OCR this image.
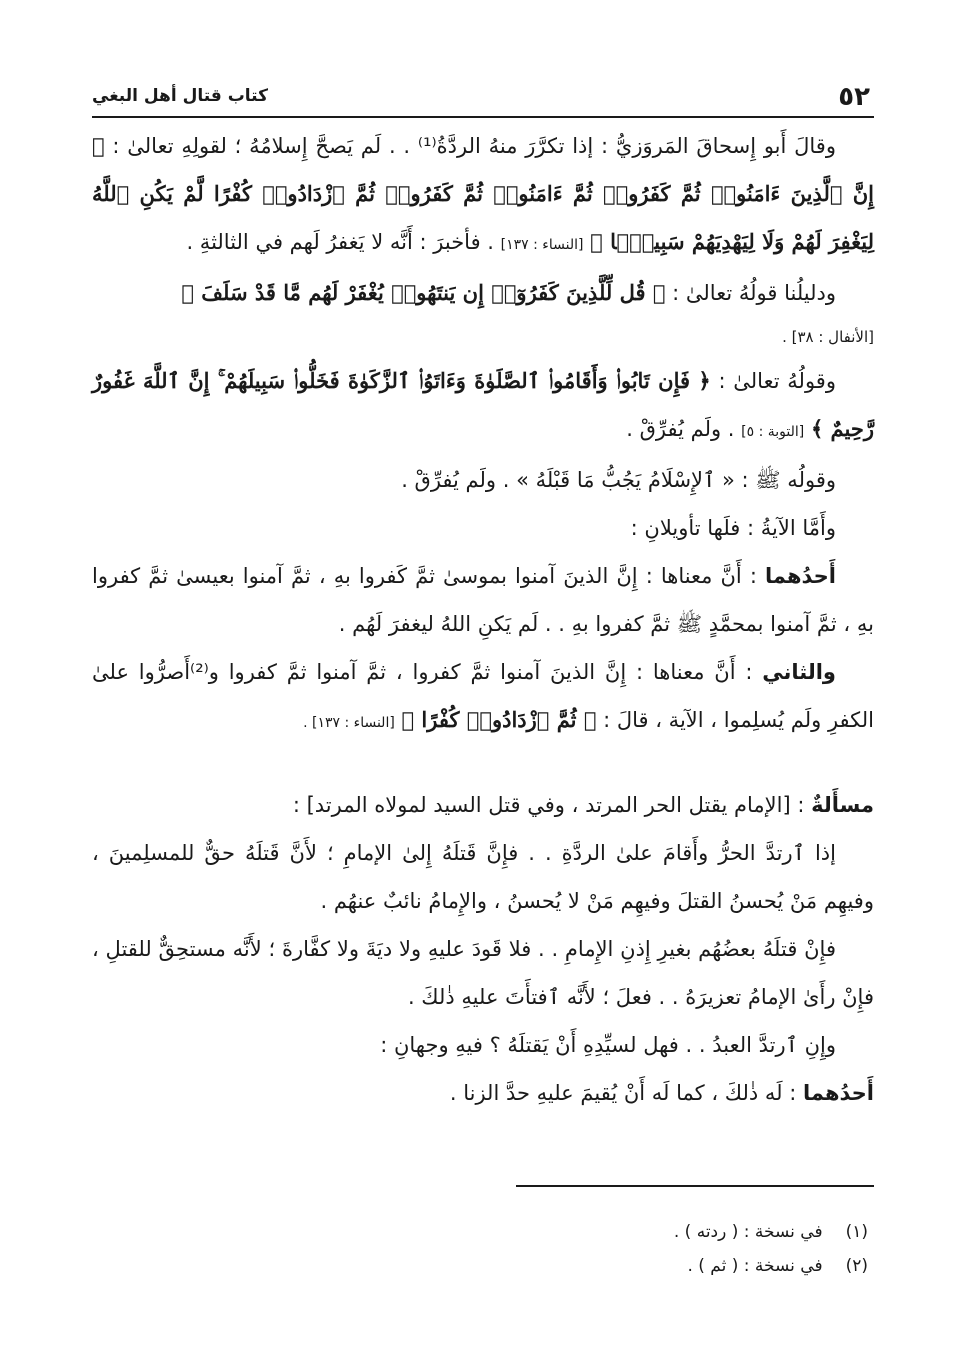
٥٢
كتاب قتال أهل البغي

وقالَ أَبو إِسحاقَ المَروَزيُّ : إذا تكرَّرَ منهُ الردَّةُ⁽¹⁾ . . لَم يَصحَّ إِسلامُهُ ؛ لقولِهِ تعالىٰ : ﴿ إِنَّ ٱلَّذِينَ ءَامَنُوا۟ ثُمَّ كَفَرُوا۟ ثُمَّ ءَامَنُوا۟ ثُمَّ كَفَرُوا۟ ثُمَّ ٱزْدَادُوا۟ كُفْرًا لَّمْ يَكُنِ ٱللَّهُ لِيَغْفِرَ لَهُمْ وَلَا لِيَهْدِيَهُمْ سَبِيلًۢا ﴾ [النساء : ١٣٧] . فأخبرَ : أَنَّه لا يَغفرُ لَهم في الثالثةِ .

ودليلُنا قولُهُ تعالىٰ : ﴿ قُل لِّلَّذِينَ كَفَرُوٓا۟ إِن يَنتَهُوا۟ يُغْفَرْ لَهُم مَّا قَدْ سَلَفَ ﴾

[الأنفال : ٣٨] .

وقولُهُ تعالىٰ : ﴿ فَإِن تَابُوا۟ وَأَقَامُوا۟ ٱلصَّلَوٰةَ وَءَاتَوُا۟ ٱلزَّكَوٰةَ فَخَلُّوا۟ سَبِيلَهُمْ ۚ إِنَّ ٱللَّهَ غَفُورٌ رَّحِيمٌ ﴾ [التوبة : ٥] . ولَم يُفرِّقْ .

وقولُه ﷺ : « ٱلإِسْلَامُ يَجُبُّ مَا قَبْلَهُ » . ولَم يُفرِّقْ .

وأَمَّا الآيةُ : فلَها تأويلانِ :

أَحدُهما : أَنَّ معناها : إِنَّ الذينَ آمنوا بموسىٰ ثمَّ كَفروا بهِ ، ثمَّ آمنوا بعيسىٰ ثمَّ كفروا بهِ ، ثمَّ آمنوا بمحمَّدٍ ﷺ ثمَّ كفروا بهِ . . لَم يَكنِ اللهُ ليغفرَ لَهُم .

والثاني : أَنَّ معناها : إِنَّ الذينَ آمنوا ثمَّ كفروا ، ثمَّ آمنوا ثمَّ كفروا و⁽²⁾أَصرُّوا علىٰ الكفرِ ولَم يُسلِموا ، الآية ، قالَ : ﴿ ثُمَّ ٱزْدَادُوا۟ كُفْرًا ﴾ [النساء : ١٣٧] .

مسأَلةٌ : [الإمام يقتل الحر المرتد ، وفي قتل السيد لمولاه المرتد] :

إذا ٱرتدَّ الحرُّ وأَقامَ علىٰ الردَّةِ . . فإِنَّ قَتلَهُ إِلىٰ الإمامِ ؛ لأَنَّ قَتلَهُ حقٌّ للمسلِمينَ ، وفيهِم مَنْ يُحسنُ القتلَ وفيهِم مَنْ لا يُحسنُ ، والإِمامُ نائبٌ عنهُم .

فإِنْ قتلَهُ بعضُهُم بغيرِ إِذنِ الإِمامِ . . فلا قَودَ عليهِ ولا ديَةَ ولا كفَّارةَ ؛ لأَنَّه مستحِقٌّ للقتلِ ، فإِنْ رأَىٰ الإمامُ تعزيرَهُ . . فعلَ ؛ لأَنَّه ٱفتأَتَ عليهِ ذٰلكَ .

وإِنِ ٱرتدَّ العبدُ . . فهل لسيِّدِهِ أَنْ يَقتلَهُ ؟ فيهِ وجهانِ :

أَحدُهما : لَه ذٰلكَ ، كما لَه أَنْ يُقيمَ عليهِ حدَّ الزنا .

(١) في نسخة : ( ردته ) .
(٢) في نسخة : ( ثم ) .
